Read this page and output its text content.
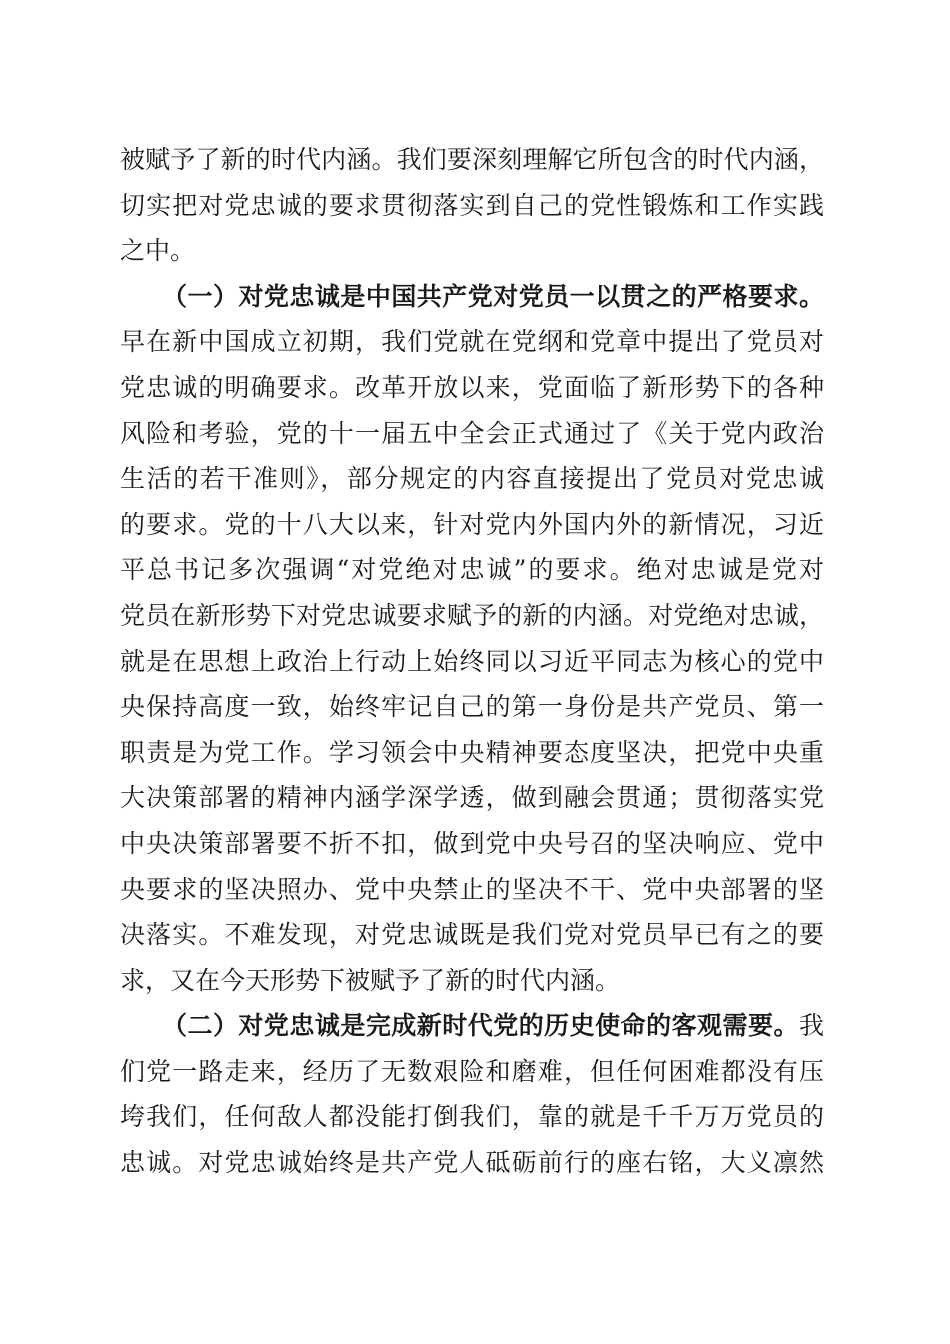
被赋予了新的时代内涵。我们要深刻理解它所包含的时代内涵，
切实把对党忠诚的要求贯彻落实到自己的党性锻炼和工作实践
之中。

（一）对党忠诚是中国共产党对党员一以贯之的严格要求。
早在新中国成立初期，我们党就在党纲和党章中提出了党员对
党忠诚的明确要求。改革开放以来，党面临了新形势下的各种
风险和考验，党的十一届五中全会正式通过了《关于党内政治
生活的若干准则》，部分规定的内容直接提出了党员对党忠诚
的要求。党的十八大以来，针对党内外国内外的新情况，习近
平总书记多次强调“对党绝对忠诚”的要求。绝对忠诚是党对
党员在新形势下对党忠诚要求赋予的新的内涵。对党绝对忠诚，
就是在思想上政治上行动上始终同以习近平同志为核心的党中
央保持高度一致，始终牢记自己的第一身份是共产党员、第一
职责是为党工作。学习领会中央精神要态度坚决，把党中央重
大决策部署的精神内涵学深学透，做到融会贯通；贯彻落实党
中央决策部署要不折不扣，做到党中央号召的坚决响应、党中
央要求的坚决照办、党中央禁止的坚决不干、党中央部署的坚
决落实。不难发现，对党忠诚既是我们党对党员早已有之的要
求，又在今天形势下被赋予了新的时代内涵。

（二）对党忠诚是完成新时代党的历史使命的客观需要。我
们党一路走来，经历了无数艰险和磨难，但任何困难都没有压
垮我们，任何敌人都没能打倒我们，靠的就是千千万万党员的
忠诚。对党忠诚始终是共产党人砥砺前行的座右铭，大义凛然
